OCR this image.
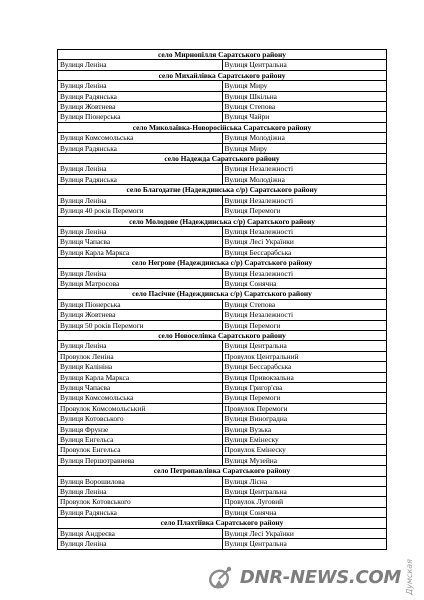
село Мирнопілля Саратського району	
Вулиця Леніна	Вулиця Центральна
село Михайлівка Саратського району	
Вулиця Леніна	Вулиця Миру
Вулиця Радянська	Вулиця Шкільна
Вулиця Жовтнева	Вулиця Степова
Вулиця Піонерська	Вулиця Чайри
село Миколаївка-Новоросійська Саратського району	
Вулиця Комсомольська	Вулиця Молодіжна
Вулиця Радянська	Вулиця Миру
село Надежда Саратського району	
Вулиця Леніна	Вулиця Незалежності
Вулиця Радянська	Вулиця Молодіжна
село Благодатне (Надеждинська с/р) Саратського району	
Вулиця Леніна	Вулиця Незалежності
Вулиця 40 років Перемоги	Вулиця Перемоги
село Молодове (Надеждинська с/р) Саратського району	
Вулиця Леніна	Вулиця Незалежності
Вулиця Чапаєва	Вулиця Лесі Українки
Вулиця Карла Маркса	Вулиця Бессарабська
село Негрове (Надеждинська с/р) Саратського району	
Вулиця Леніна	Вулиця Незалежності
Вулиця Матросова	Вулиця Сонячна
село Пасічне (Надеждинська с/р) Саратського району	
Вулиця Піонерська	Вулиця Степова
Вулиця Жовтнева	Вулиця Незалежності
Вулиця 50 років Перемоги	Вулиця Перемоги
село Новоселівка Саратського району	
Вулиця Леніна	Вулиця Центральна
Провулок Леніна	Провулок Центральний
Вулиця Калініна	Вулиця Бессарабська
Вулиця Карла Маркса	Вулиця Привокзальна
Вулиця Чапаєва	Вулиця Григор'єва
Вулиця Комсомольська	Вулиця Перемоги
Провулок Комсомольський	Провулок Перемоги
Вулиця Котовського	Вулиця Виноградна
Вулиця Фрунзе	Вулиця Вузька
Вулиця Енгельса	Вулиця Емінеску
Провулок Енгельса	Провулок Емінеску
Вулиця Першотравнева	Вулиця Музейна
село Петропавлівка Саратського району	
Вулиця Ворошилова	Вулиця Лісна
Вулиця Леніна	Вулиця Центральна
Провулок Котовського	Провулок Луговий
Вулиця Радянська	Вулиця Сонячна
село Плахтіївка Саратського району	
Вулиця Андреєва	Вулиця Лесі Українки
Вулиця Леніна	Вулиця Центральна
DNR-NEWS.COM Думская
